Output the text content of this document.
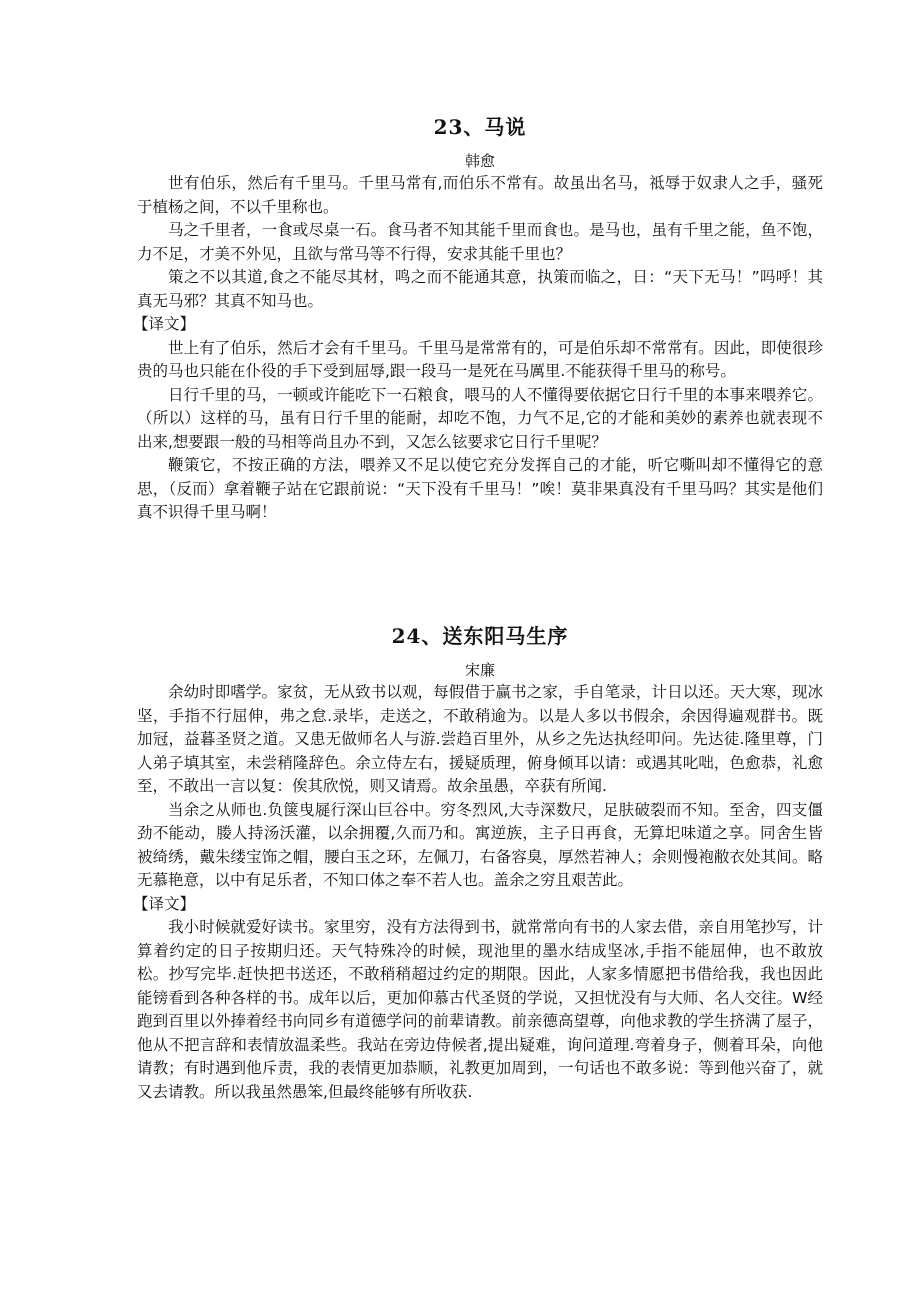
23、马说

韩愈

世有伯乐，然后有千里马。千里马常有,而伯乐不常有。故虽出名马，祗辱于奴隶人之手，骚死于植杨之间，不以千里称也。

马之千里者，一食或尽桌一石。食马者不知其能千里而食也。是马也，虽有千里之能，鱼不饱，力不足，才美不外见，且欲与常马等不行得，安求其能千里也？

策之不以其道,食之不能尽其材，鸣之而不能通其意，执策而临之，日：“天下无马！”吗呼！其真无马邪？其真不知马也。

【译文】

世上有了伯乐，然后才会有千里马。千里马是常常有的，可是伯乐却不常常有。因此，即使很珍贵的马也只能在仆役的手下受到屈辱,跟一段马一是死在马厲里.不能获得千里马的称号。

日行千里的马，一顿或许能吃下一石粮食，喂马的人不懂得要依据它日行千里的本事来喂养它。（所以）这样的马，虽有日行千里的能耐，却吃不饱，力气不足,它的才能和美妙的素养也就表现不出来,想要跟一般的马相等尚且办不到，又怎么铉要求它日行千里呢？

鞭策它，不按正确的方法，喂养又不足以使它充分发挥自己的才能，听它嘶叫却不懂得它的意思，（反而）拿着鞭子站在它跟前说：“天下没有千里马！”唉！莫非果真没有千里马吗？其实是他们真不识得千里马啊！

24、送东阳马生序

宋廉

余幼时即嗜学。家贫，无从致书以观，每假借于赢书之家，手自笔录，计日以还。天大寒，现冰坚，手指不行屈伸，弗之怠.录毕，走送之，不敢稍逾为。以是人多以书假余，余因得遍观群书。既加冠，益暮圣贤之道。又患无做师名人与游.尝趋百里外，从乡之先达执经叩问。先达徒.隆里尊，门人弟子填其室，未尝稍隆辞色。余立侍左右，援疑质理，俯身倾耳以请：或遇其叱咄，色愈恭，礼愈至，不敢出一言以复：俟其欣悦，则又请焉。故余虽愚，卒获有所闻.

当余之从师也.负箧曳屣行深山巨谷中。穷冬烈风,大寺深数尺，足肤破裂而不知。至舍，四支僵劲不能动，媵人持汤沃灌，以余拥覆,久而乃和。寓逆族，主子日再食，无算圯味道之享。同舍生皆被绮绣，戴朱缕宝饰之帽，腰白玉之环，左佩刀，右备容臭，厚然若神人；余则慢袍敝衣处其间。略无慕艳意，以中有足乐者，不知口体之奉不若人也。盖余之穷且艰苦此。

【译文】

我小时候就爱好读书。家里穷，没有方法得到书，就常常向有书的人家去借，亲自用笔抄写，计算着约定的日子按期归还。天气特殊冷的时候，现池里的墨水结成坚冰,手指不能屈伸，也不敢放松。抄写完毕.赶快把书送还，不敢稍稍超过约定的期限。因此，人家多情愿把书借给我，我也因此能镑看到各种各样的书。成年以后，更加仰慕古代圣贤的学说，又担忧没有与大师、名人交往。W经跑到百里以外捧着经书向同乡有道德学问的前辈请教。前亲德高望尊，向他求教的学生挤满了屋子，他从不把言辞和表情放温柔些。我站在旁边侍候者,提出疑难，询问道理.弯着身子，侧着耳朵，向他请教；有时遇到他斥责，我的表情更加恭顺，礼教更加周到，一句话也不敢多说：等到他兴奋了，就又去请教。所以我虽然愚笨,但最终能够有所收获.
